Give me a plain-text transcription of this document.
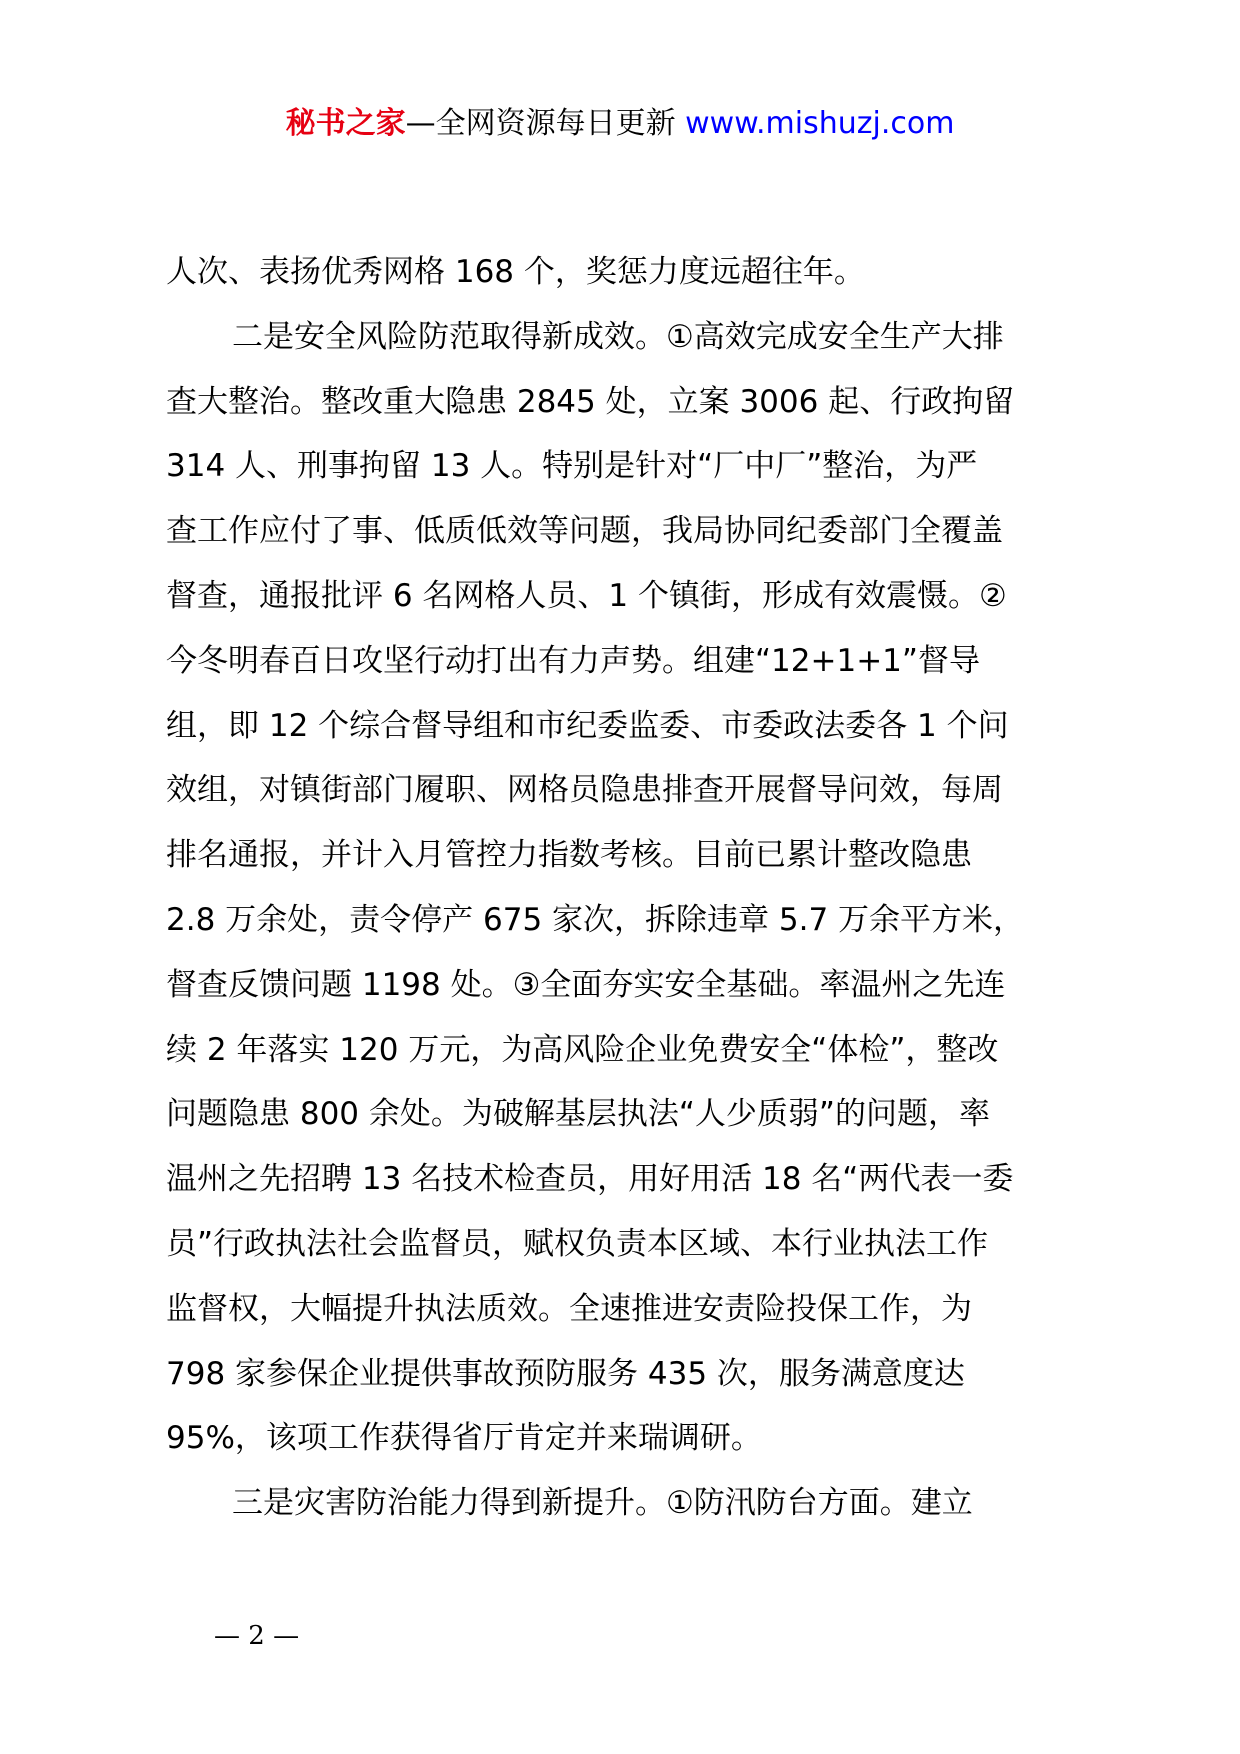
秘书之家—全网资源每日更新 www.mishuzj.com
人次、表扬优秀网格 168 个，奖惩力度远超往年。
二是安全风险防范取得新成效。①高效完成安全生产大排
查大整治。整改重大隐患 2845 处，立案 3006 起、行政拘留
314 人、刑事拘留 13 人。特别是针对“厂中厂”整治，为严
查工作应付了事、低质低效等问题，我局协同纪委部门全覆盖
督查，通报批评 6 名网格人员、1 个镇街，形成有效震慑。②
今冬明春百日攻坚行动打出有力声势。组建“12+1+1”督导
组，即 12 个综合督导组和市纪委监委、市委政法委各 1 个问
效组，对镇街部门履职、网格员隐患排查开展督导问效，每周
排名通报，并计入月管控力指数考核。目前已累计整改隐患
2.8 万余处，责令停产 675 家次，拆除违章 5.7 万余平方米，
督查反馈问题 1198 处。③全面夯实安全基础。率温州之先连
续 2 年落实 120 万元，为高风险企业免费安全“体检”，整改
问题隐患 800 余处。为破解基层执法“人少质弱”的问题，率
温州之先招聘 13 名技术检查员，用好用活 18 名“两代表一委
员”行政执法社会监督员，赋权负责本区域、本行业执法工作
监督权，大幅提升执法质效。全速推进安责险投保工作，为
798 家参保企业提供事故预防服务 435 次，服务满意度达
95%，该项工作获得省厅肯定并来瑞调研。
三是灾害防治能力得到新提升。①防汛防台方面。建立
— 2 —
